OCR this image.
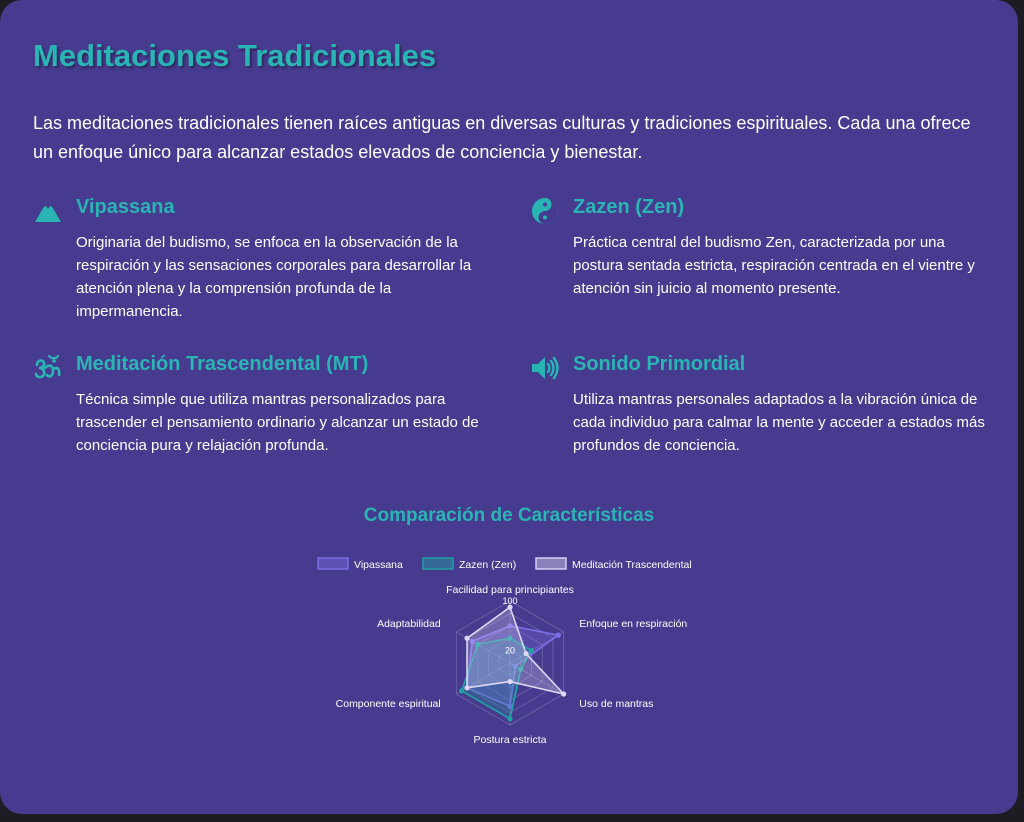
Meditaciones Tradicionales

Las meditaciones tradicionales tienen raíces antiguas en diversas culturas y tradiciones espirituales. Cada una ofrece un enfoque único para alcanzar estados elevados de conciencia y bienestar.

Vipassana

Originaria del budismo, se enfoca en la observación de la respiración y las sensaciones corporales para desarrollar la atención plena y la comprensión profunda de la impermanencia.

Zazen (Zen)

Práctica central del budismo Zen, caracterizada por una postura sentada estricta, respiración centrada en el vientre y atención sin juicio al momento presente.

Meditación Trascendental (MT)

Técnica simple que utiliza mantras personalizados para trascender el pensamiento ordinario y alcanzar un estado de conciencia pura y relajación profunda.

Sonido Primordial

Utiliza mantras personales adaptados a la vibración única de cada individuo para calmar la mente y acceder a estados más profundos de conciencia.

Comparación de Características
20
100
Facilidad para principiantes
Enfoque en respiración
Uso de mantras
Postura estricta
Componente espiritual
Adaptabilidad
Vipassana	Zazen (Zen)	Meditación Trascendental
